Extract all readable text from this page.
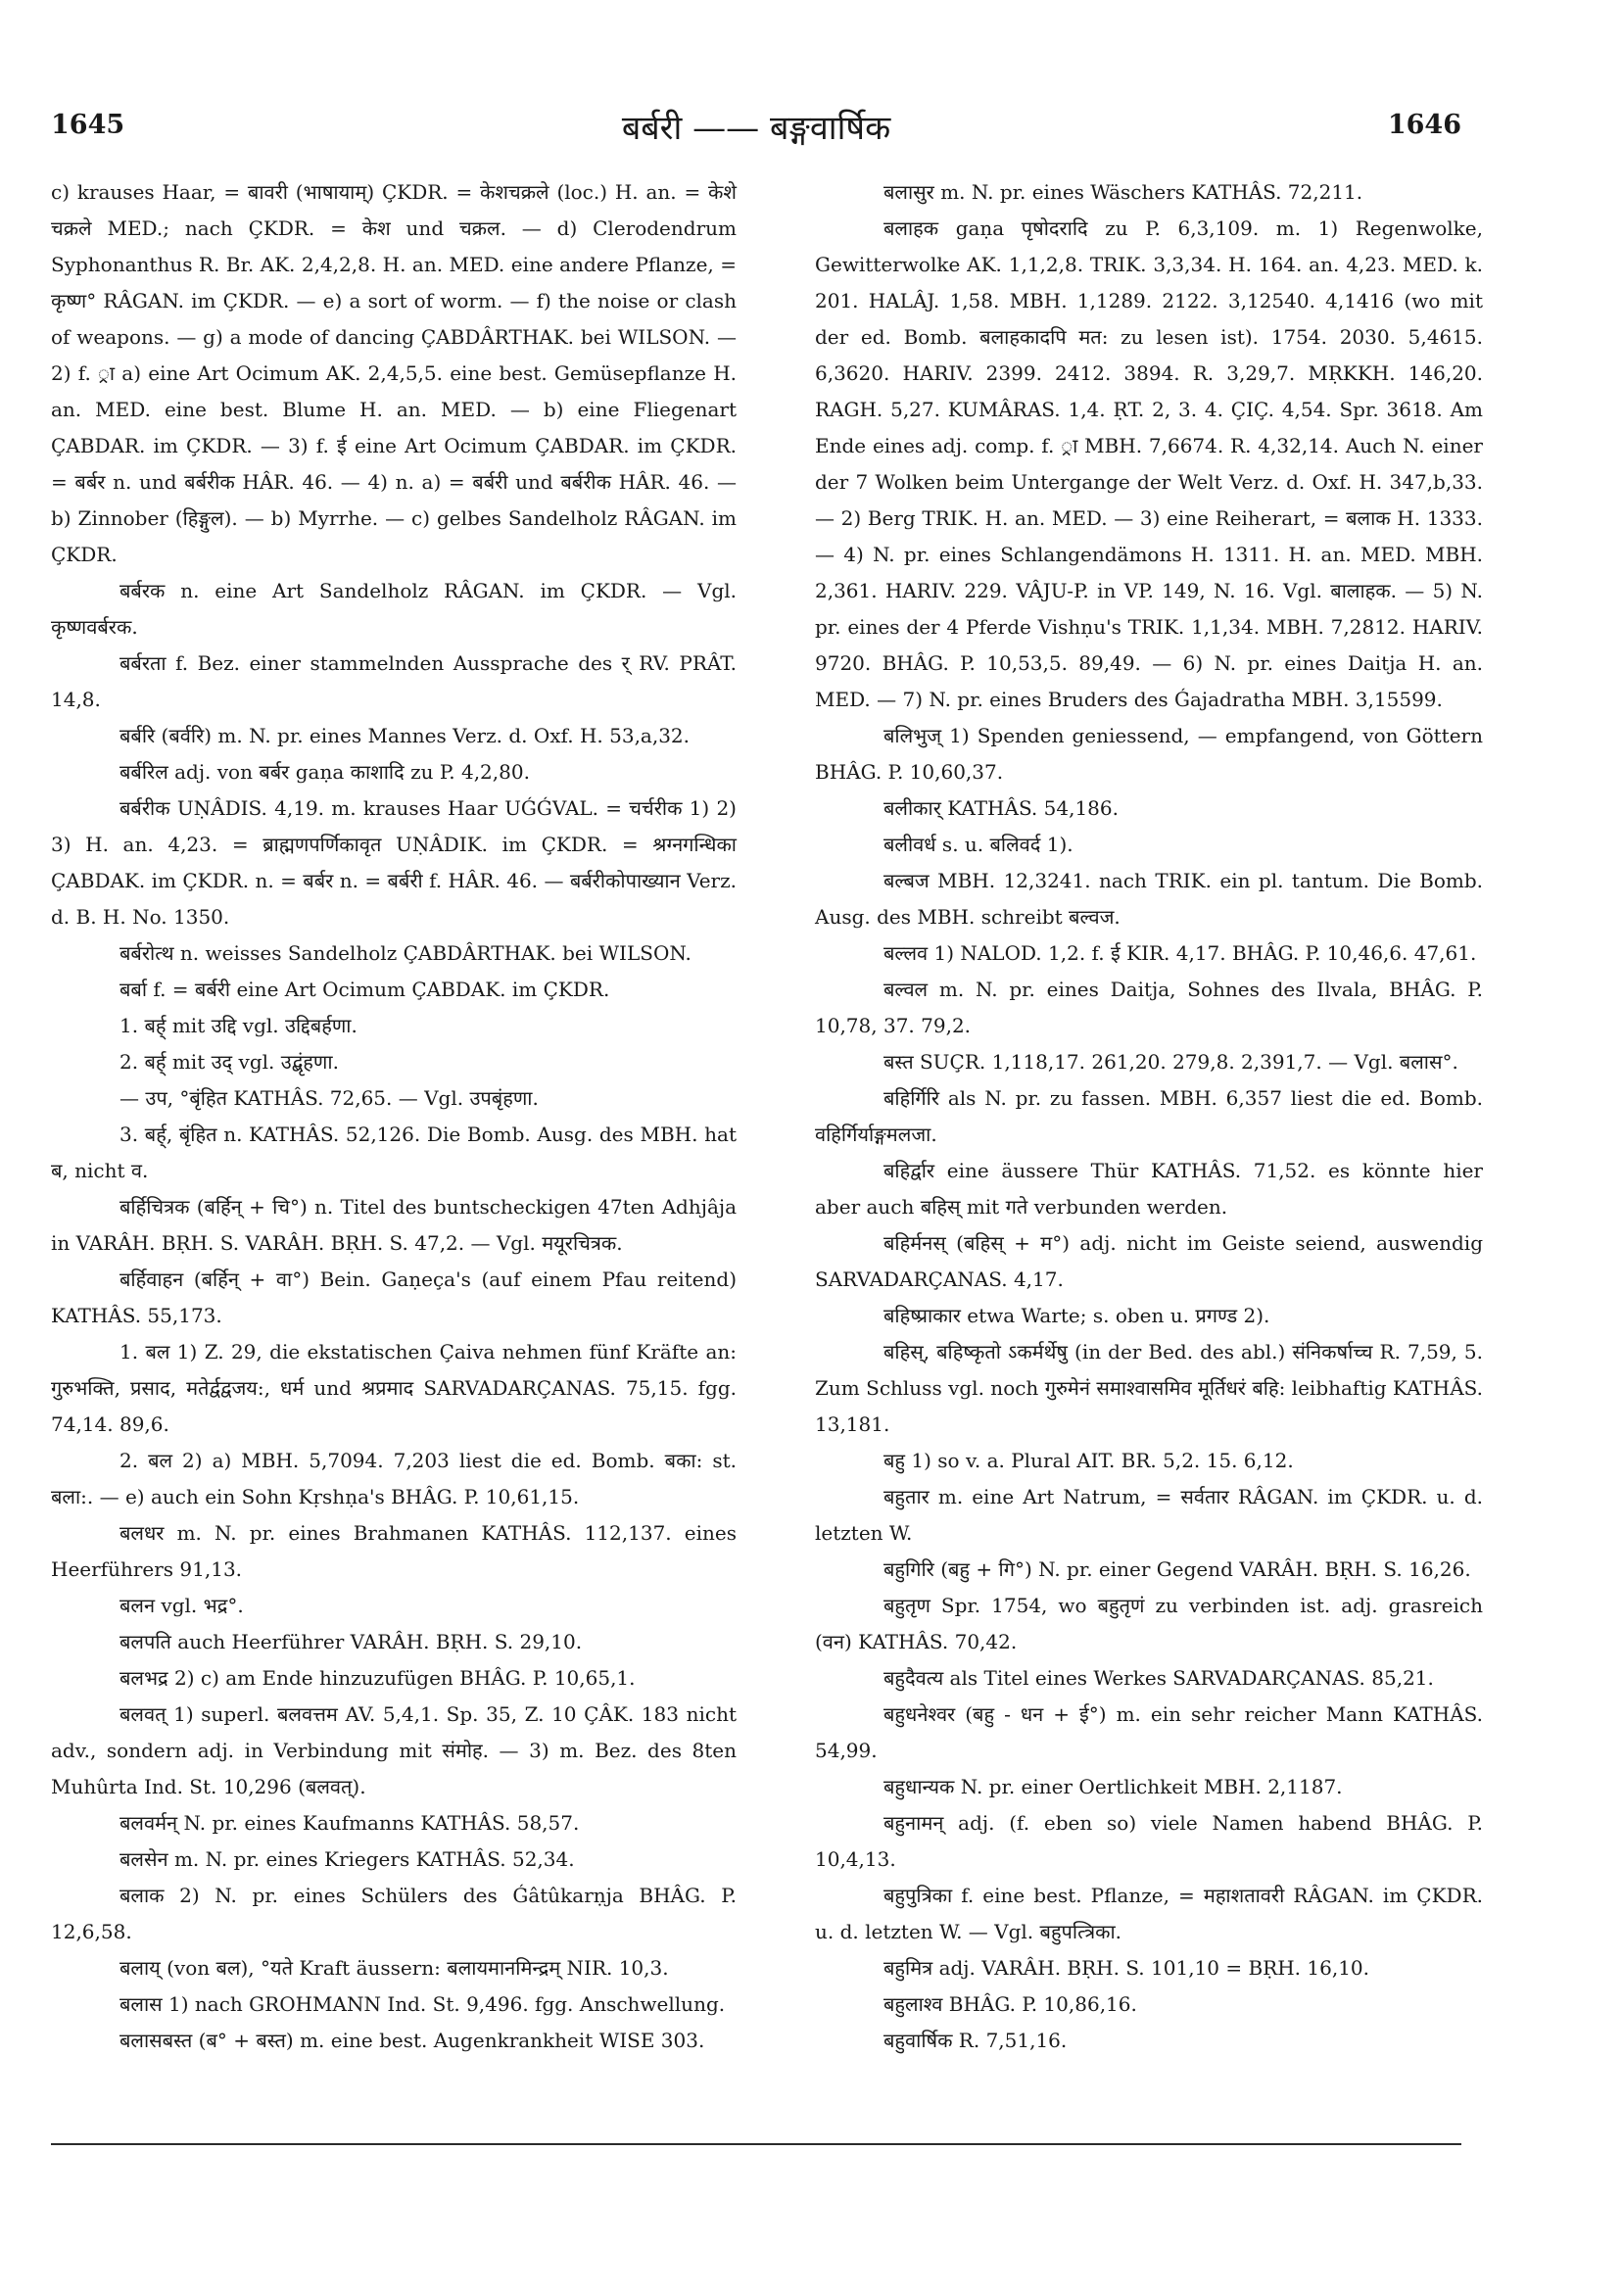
1645	बर्बरी —— बङ्गवार्षिक	1646

c) krauses Haar, = बावरी (भाषायाम्) ÇKDR. = केशचक्रले (loc.) H. an. = केशे चक्रले MED.; nach ÇKDR. = केश und चक्रल. — d) Clerodendrum Syphonanthus R. Br. AK. 2,4,2,8. H. an. MED. eine andere Pflanze, = कृष्ण° RÂGAN. im ÇKDR. — e) a sort of worm. — f) the noise or clash of weapons. — g) a mode of dancing ÇABDÂRTHAK. bei WILSON. — 2) f. ्रा a) eine Art Ocimum AK. 2,4,5,5. eine best. Gemüsepflanze H. an. MED. eine best. Blume H. an. MED. — b) eine Fliegenart ÇABDAR. im ÇKDR. — 3) f. ई eine Art Ocimum ÇABDAR. im ÇKDR. = बर्बर n. und बर्बरीक HÂR. 46. — 4) n. a) = बर्बरी und बर्बरीक HÂR. 46. — b) Zinnober (हिङ्गुल). — b) Myrrhe. — c) gelbes Sandelholz RÂGAN. im ÇKDR.

बर्बरक n. eine Art Sandelholz RÂGAN. im ÇKDR. — Vgl. कृष्णवर्बरक.

बर्बरता f. Bez. einer stammelnden Aussprache des र् RV. PRÂT. 14,8.

बर्बरि (बर्वरि) m. N. pr. eines Mannes Verz. d. Oxf. H. 53,a,32.

बर्बरिल adj. von बर्बर gaṇa काशादि zu P. 4,2,80.

बर्बरीक UṆÂDIS. 4,19. m. krauses Haar UǴǴVAL. = चर्चरीक 1) 2) 3) H. an. 4,23. = ब्राह्मणपर्णिकावृत UṆÂDIK. im ÇKDR. = श्रग्नगन्धिका ÇABDAK. im ÇKDR. n. = बर्बर n. = बर्बरी f. HÂR. 46. — बर्बरीकोपाख्यान Verz. d. B. H. No. 1350.

बर्बरोत्थ n. weisses Sandelholz ÇABDÂRTHAK. bei WILSON.

बर्बा f. = बर्बरी eine Art Ocimum ÇABDAK. im ÇKDR.

1. बर्ह् mit उद्दि vgl. उद्दिबर्हणा.

2. बर्ह् mit उद् vgl. उद्बृंहणा.

— उप, °बृंहित KATHÂS. 72,65. — Vgl. उपबृंहणा.

3. बर्ह्, बृंहित n. KATHÂS. 52,126. Die Bomb. Ausg. des MBH. hat ब, nicht व.

बर्हिचित्रक (बर्हिन् + चि°) n. Titel des buntscheckigen 47ten Adhjâja in VARÂH. BṚH. S. VARÂH. BṚH. S. 47,2. — Vgl. मयूरचित्रक.

बर्हिवाहन (बर्हिन् + वा°) Bein. Gaṇeça's (auf einem Pfau reitend) KATHÂS. 55,173.

1. बल 1) Z. 29, die ekstatischen Çaiva nehmen fünf Kräfte an: गुरुभक्ति, प्रसाद, मतेर्द्वद्वजय:, धर्म und श्रप्रमाद SARVADARÇANAS. 75,15. fgg. 74,14. 89,6.

2. बल 2) a) MBH. 5,7094. 7,203 liest die ed. Bomb. बका: st. बला:. — e) auch ein Sohn Kṛshṇa's BHÂG. P. 10,61,15.

बलधर m. N. pr. eines Brahmanen KATHÂS. 112,137. eines Heerführers 91,13.

बलन vgl. भद्र°.

बलपति auch Heerführer VARÂH. BṚH. S. 29,10.

बलभद्र 2) c) am Ende hinzuzufügen BHÂG. P. 10,65,1.

बलवत् 1) superl. बलवत्तम AV. 5,4,1. Sp. 35, Z. 10 ÇÂK. 183 nicht adv., sondern adj. in Verbindung mit संमोह. — 3) m. Bez. des 8ten Muhûrta Ind. St. 10,296 (बलवत्).

बलवर्मन् N. pr. eines Kaufmanns KATHÂS. 58,57.

बलसेन m. N. pr. eines Kriegers KATHÂS. 52,34.

बलाक 2) N. pr. eines Schülers des Ǵâtûkarṇja BHÂG. P. 12,6,58.

बलाय् (von बल), °यते Kraft äussern: बलायमानमिन्द्रम् NIR. 10,3.

बलास 1) nach GROHMANN Ind. St. 9,496. fgg. Anschwellung.

बलासबस्त (ब° + बस्त) m. eine best. Augenkrankheit WISE 303.

बलासुर m. N. pr. eines Wäschers KATHÂS. 72,211.

बलाहक gaṇa पृषोदरादि zu P. 6,3,109. m. 1) Regenwolke, Gewitterwolke AK. 1,1,2,8. TRIK. 3,3,34. H. 164. an. 4,23. MED. k. 201. HALÂJ. 1,58. MBH. 1,1289. 2122. 3,12540. 4,1416 (wo mit der ed. Bomb. बलाहकादपि मत: zu lesen ist). 1754. 2030. 5,4615. 6,3620. HARIV. 2399. 2412. 3894. R. 3,29,7. MṚKKH. 146,20. RAGH. 5,27. KUMÂRAS. 1,4. ṚT. 2, 3. 4. ÇIÇ. 4,54. Spr. 3618. Am Ende eines adj. comp. f. ्रा MBH. 7,6674. R. 4,32,14. Auch N. einer der 7 Wolken beim Untergange der Welt Verz. d. Oxf. H. 347,b,33. — 2) Berg TRIK. H. an. MED. — 3) eine Reiherart, = बलाक H. 1333. — 4) N. pr. eines Schlangendämons H. 1311. H. an. MED. MBH. 2,361. HARIV. 229. VÂJU-P. in VP. 149, N. 16. Vgl. बालाहक. — 5) N. pr. eines der 4 Pferde Vishṇu's TRIK. 1,1,34. MBH. 7,2812. HARIV. 9720. BHÂG. P. 10,53,5. 89,49. — 6) N. pr. eines Daitja H. an. MED. — 7) N. pr. eines Bruders des Ǵajadratha MBH. 3,15599.

बलिभुज् 1) Spenden geniessend, — empfangend, von Göttern BHÂG. P. 10,60,37.

बलीकार् KATHÂS. 54,186.

बलीवर्ध s. u. बलिवर्द 1).

बल्बज MBH. 12,3241. nach TRIK. ein pl. tantum. Die Bomb. Ausg. des MBH. schreibt बल्वज.

बल्लव 1) NALOD. 1,2. f. ई KIR. 4,17. BHÂG. P. 10,46,6. 47,61.

बल्वल m. N. pr. eines Daitja, Sohnes des Ilvala, BHÂG. P. 10,78, 37. 79,2.

बस्त SUÇR. 1,118,17. 261,20. 279,8. 2,391,7. — Vgl. बलास°.

बहिर्गिरि als N. pr. zu fassen. MBH. 6,357 liest die ed. Bomb. वहिर्गिर्याङ्गमलजा.

बहिर्द्वार eine äussere Thür KATHÂS. 71,52. es könnte hier aber auch बहिस् mit गते verbunden werden.

बहिर्मनस् (बहिस् + म°) adj. nicht im Geiste seiend, auswendig SARVADARÇANAS. 4,17.

बहिष्प्राकार etwa Warte; s. oben u. प्रगण्ड 2).

बहिस्, बहिष्कृतो ऽकर्मर्थेषु (in der Bed. des abl.) संनिकर्षाच्च R. 7,59, 5. Zum Schluss vgl. noch गुरुमेनं समाश्वासमिव मूर्तिधरं बहि: leibhaftig KATHÂS. 13,181.

बहु 1) so v. a. Plural AIT. BR. 5,2. 15. 6,12.

बहुतार m. eine Art Natrum, = सर्वतार RÂGAN. im ÇKDR. u. d. letzten W.

बहुगिरि (बहु + गि°) N. pr. einer Gegend VARÂH. BṚH. S. 16,26.

बहुतृण Spr. 1754, wo बहुतृणं zu verbinden ist. adj. grasreich (वन) KATHÂS. 70,42.

बहुदैवत्य als Titel eines Werkes SARVADARÇANAS. 85,21.

बहुधनेश्वर (बहु - धन + ई°) m. ein sehr reicher Mann KATHÂS. 54,99.

बहुधान्यक N. pr. einer Oertlichkeit MBH. 2,1187.

बहुनामन् adj. (f. eben so) viele Namen habend BHÂG. P. 10,4,13.

बहुपुत्रिका f. eine best. Pflanze, = महाशतावरी RÂGAN. im ÇKDR. u. d. letzten W. — Vgl. बहुपत्त्रिका.

बहुमित्र adj. VARÂH. BṚH. S. 101,10 = BṚH. 16,10.

बहुलाश्व BHÂG. P. 10,86,16.

बहुवार्षिक R. 7,51,16.
